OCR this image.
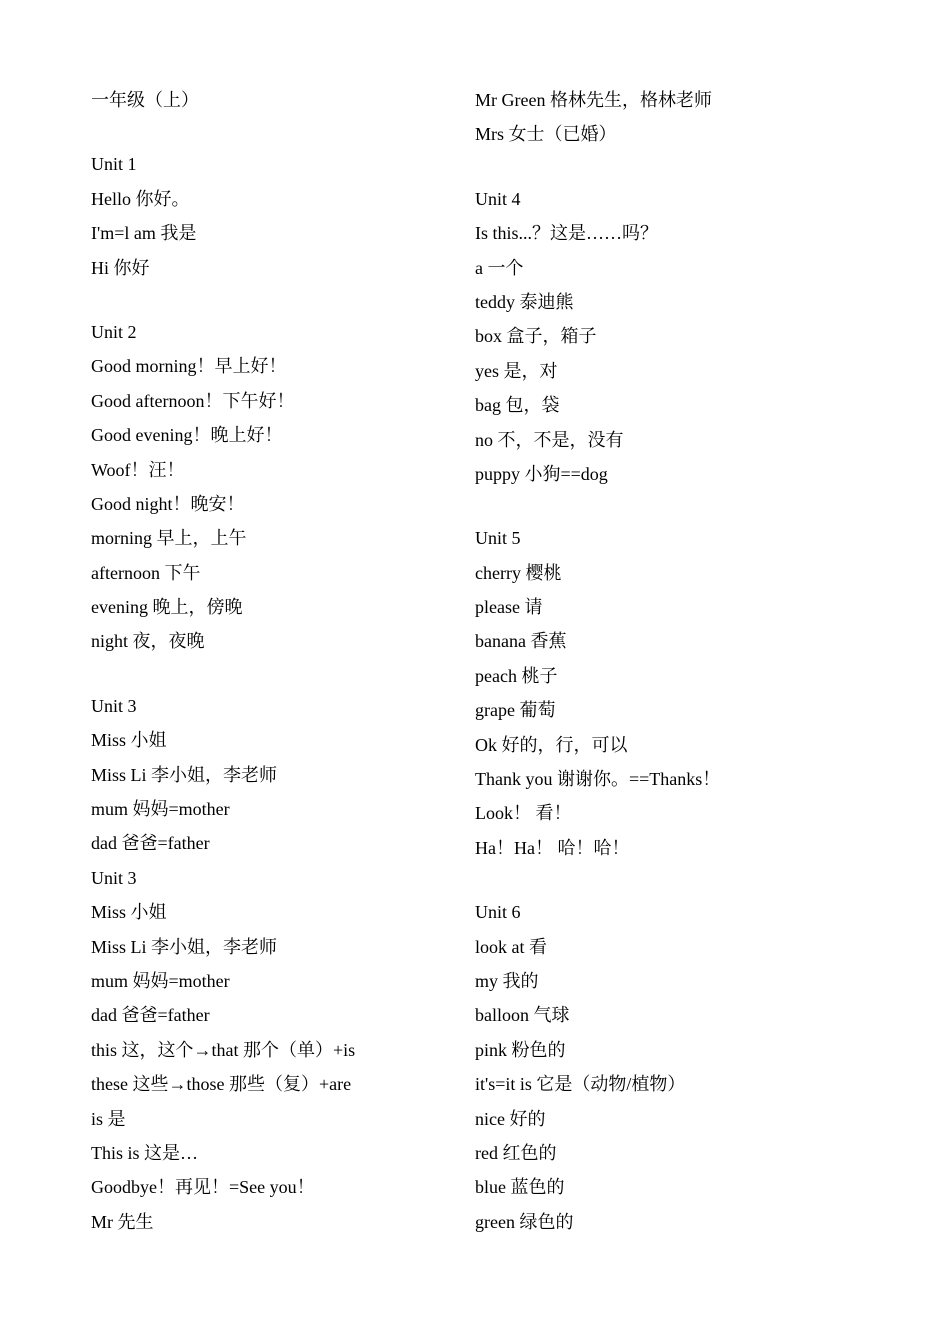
一年级（上）
Unit 1
Hello 你好。
I'm=l am 我是
Hi 你好
Unit 2
Good morning！早上好！
Good afternoon！下午好！
Good evening！晚上好！
Woof！汪！
Good night！晚安！
morning 早上，上午
afternoon 下午
evening 晚上，傍晚
night 夜，夜晚
Unit 3
Miss 小姐
Miss Li 李小姐，李老师
mum 妈妈=mother
dad 爸爸=father
Unit 3
Miss 小姐
Miss Li 李小姐，李老师
mum 妈妈=mother
dad 爸爸=father
this 这，这个→that 那个（单）+is
these 这些→those 那些（复）+are
is 是
This is 这是…
Goodbye！再见！=See you！
Mr 先生
Mr Green 格林先生，格林老师
Mrs 女士（已婚）
Unit 4
Is this...？这是……吗？
a 一个
teddy 泰迪熊
box 盒子，箱子
yes 是，对
bag 包，袋
no 不，不是，没有
puppy 小狗==dog
Unit 5
cherry 樱桃
please 请
banana 香蕉
peach 桃子
grape 葡萄
Ok 好的，行，可以
Thank you 谢谢你。==Thanks！
Look！ 看！
Ha！Ha！ 哈！哈！
Unit 6
look at 看
my 我的
balloon 气球
pink 粉色的
it's=it is 它是（动物/植物）
nice 好的
red 红色的
blue 蓝色的
green 绿色的
